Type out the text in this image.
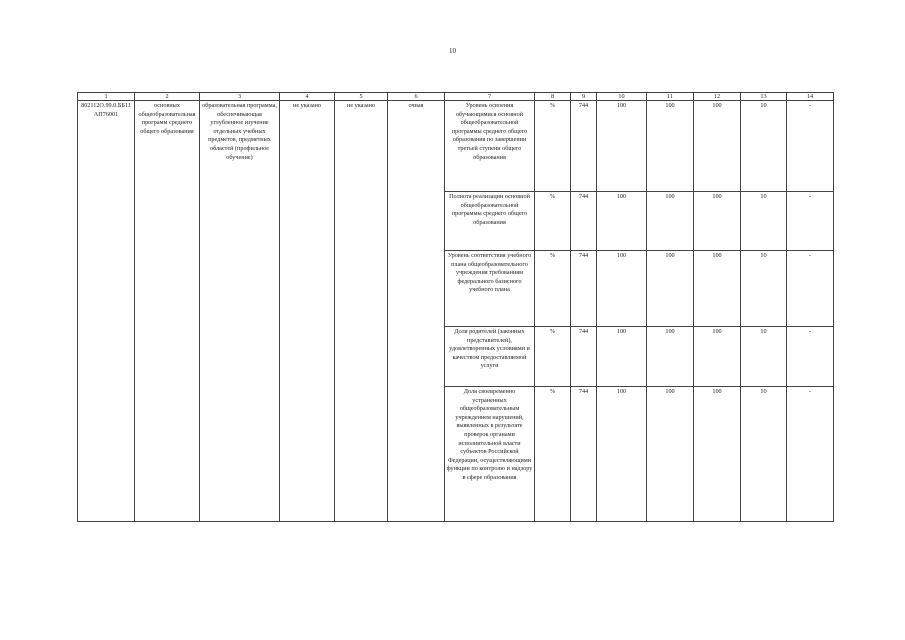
10
1	2	3	4	5	6	7	8	9	10	11	12	13	14
802112О.99.0.ББ11АП76001	основных общеобразовательная программ среднего общего образования	образовательная программа, обеспечивающая углубленное изучение отдельных учебных предметов, предметных областей (профильное обучение)	не указано	не указано	очная	Уровень освоения обучающимися основной общеобразовательной программы среднего общего образования по завершении третьей ступени общего образования	%	744	100	100	100	10	-
						Полнота реализации основной общеобразовательной программы среднего общего образования	%	744	100	100	100	10	-
						Уровень соответствия учебного плана общеобразовательного учреждения требованиям федерального базисного учебного плана	%	744	100	100	100	10	-
						Доля родителей (законных представителей), удовлетворенных условиями и качеством предоставляемой услуги	%	744	100	100	100	10	-
						Доля своевременно устраненных общеобразовательным учреждением нарушений, выявленных в результате проверок органами исполнительной власти субъектов Российской Федерации, осуществляющими функции по контролю и надзору в сфере образования	%	744	100	100	100	10	-
